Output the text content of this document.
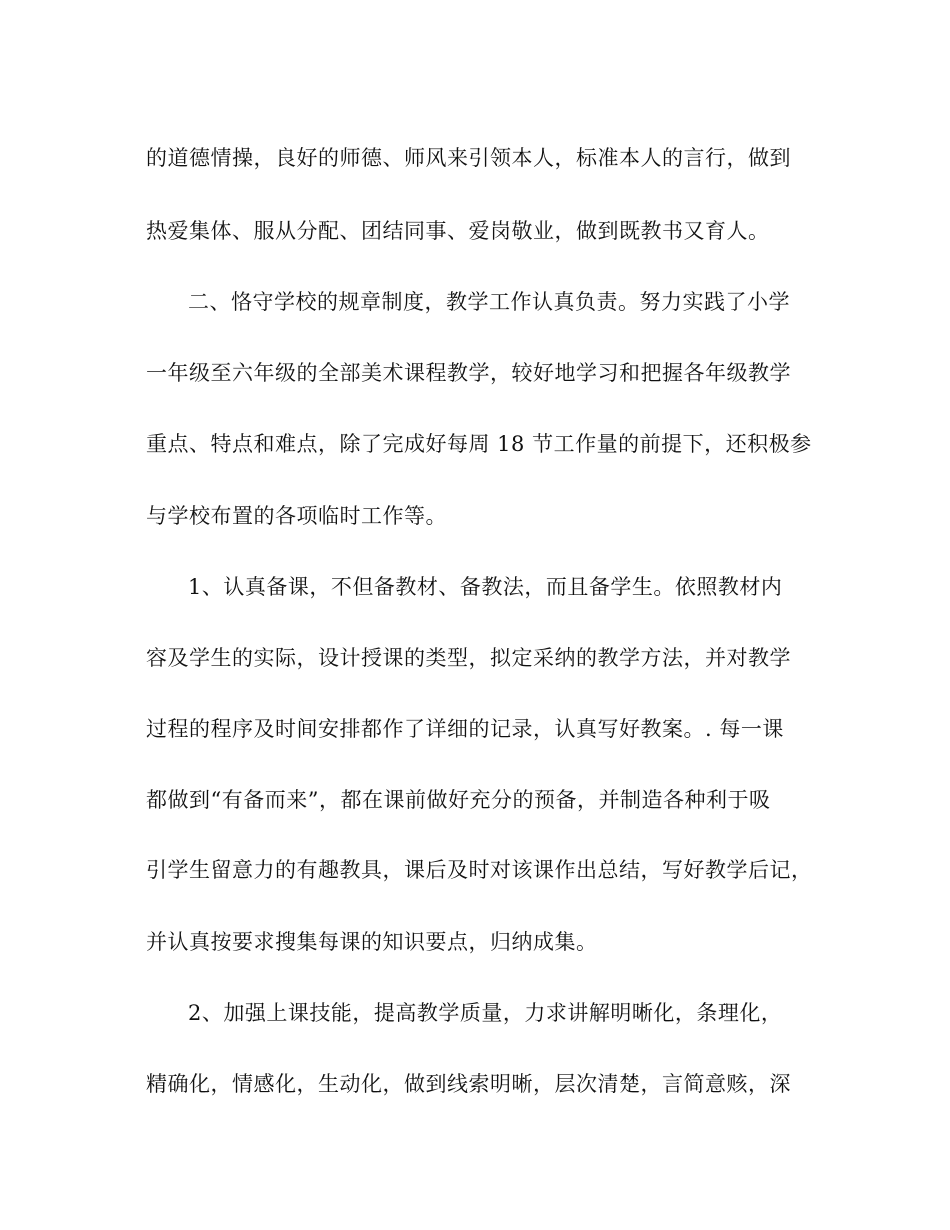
的道德情操，良好的师德、师风来引领本人，标准本人的言行，做到
热爱集体、服从分配、团结同事、爱岗敬业，做到既教书又育人。
二、恪守学校的规章制度，教学工作认真负责。努力实践了小学
一年级至六年级的全部美术课程教学，较好地学习和把握各年级教学
重点、特点和难点，除了完成好每周 18 节工作量的前提下，还积极参
与学校布置的各项临时工作等。
1、认真备课，不但备教材、备教法，而且备学生。依照教材内
容及学生的实际，设计授课的类型，拟定采纳的教学方法，并对教学
过程的程序及时间安排都作了详细的记录，认真写好教案。. 每一课
都做到“有备而来”，都在课前做好充分的预备，并制造各种利于吸
引学生留意力的有趣教具，课后及时对该课作出总结，写好教学后记，
并认真按要求搜集每课的知识要点，归纳成集。
2、加强上课技能，提高教学质量，力求讲解明晰化，条理化，
精确化，情感化，生动化，做到线索明晰，层次清楚，言简意赅，深
